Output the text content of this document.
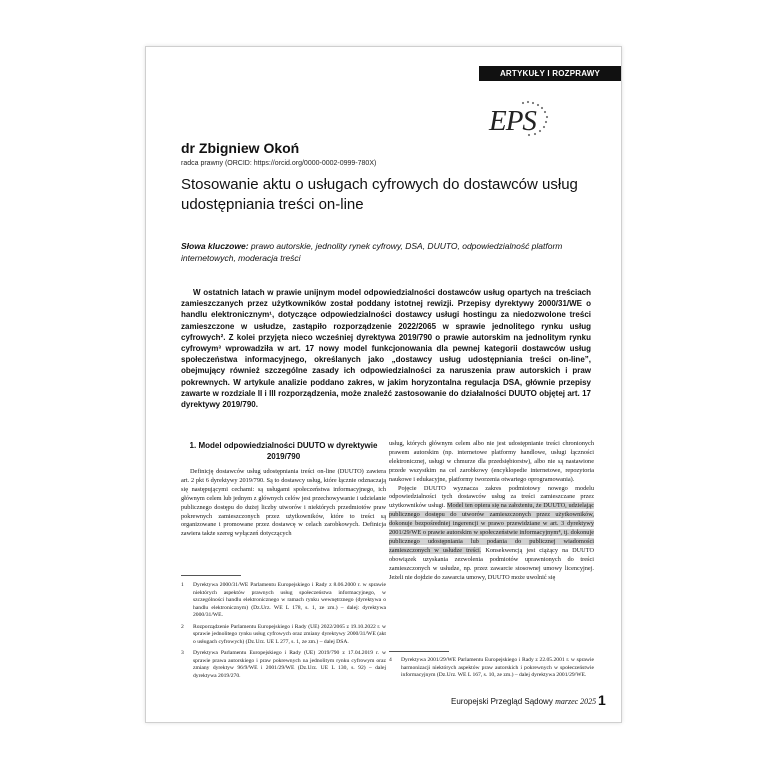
ARTYKUŁY I ROZPRAWY
EPS
dr Zbigniew Okoń
radca prawny (ORCID: https://orcid.org/0000-0002-0999-780X)
Stosowanie aktu o usługach cyfrowych do dostawców usług udostępniania treści on-line
Słowa kluczowe: prawo autorskie, jednolity rynek cyfrowy, DSA, DUUTO, odpowiedzialność platform internetowych, moderacja treści
W ostatnich latach w prawie unijnym model odpowiedzialności dostawców usług opartych na treściach zamieszczanych przez użytkowników został poddany istotnej rewizji. Przepisy dyrektywy 2000/31/WE o handlu elektronicznym¹, dotyczące odpowiedzialności dostawcy usługi hostingu za niedozwolone treści zamieszczone w usłudze, zastąpiło rozporządzenie 2022/2065 w sprawie jednolitego rynku usług cyfrowych². Z kolei przyjęta nieco wcześniej dyrektywa 2019/790 o prawie autorskim na jednolitym rynku cyfrowym³ wprowadziła w art. 17 nowy model funkcjonowania dla pewnej kategorii dostawców usług społeczeństwa informacyjnego, określanych jako „dostawcy usług udostępniania treści on-line”, obejmujący również szczególne zasady ich odpowiedzialności za naruszenia praw autorskich i praw pokrewnych. W artykule analizie poddano zakres, w jakim horyzontalna regulacja DSA, głównie przepisy zawarte w rozdziale II i III rozporządzenia, może znaleźć zastosowanie do działalności DUUTO objętej art. 17 dyrektywy 2019/790.
1. Model odpowiedzialności DUUTO w dyrektywie 2019/790

Definicję dostawców usług udostępniania treści on-line (DUUTO) zawiera art. 2 pkt 6 dyrektywy 2019/790. Są to dostawcy usług, które łącznie odznaczają się następującymi cechami: są usługami społeczeństwa informacyjnego, ich głównym celem lub jednym z głównych celów jest przechowywanie i udzielanie publicznego dostępu do dużej liczby utworów i niektórych przedmiotów praw pokrewnych zamieszczonych przez użytkowników, które to treści są organizowane i promowane przez dostawcę w celach zarobkowych. Definicja zawiera także szereg wyłączeń dotyczących

usług, których głównym celem albo nie jest udostępnianie treści chronionych prawem autorskim (np. internetowe platformy handlowe, usługi łączności elektronicznej, usługi w chmurze dla przedsiębiorstw), albo nie są nastawione przede wszystkim na cel zarobkowy (encyklopedie internetowe, repozytoria naukowe i edukacyjne, platformy tworzenia otwartego oprogramowania).

Pojęcie DUUTO wyznacza zakres podmiotowy nowego modelu odpowiedzialności tych dostawców usług za treści zamieszczane przez użytkowników usługi. Model ten opiera się na założeniu, że DUUTO, udzielając publicznego dostępu do utworów zamieszczonych przez użytkowników, dokonuje bezpośredniej ingerencji w prawo przewidziane w art. 3 dyrektywy 2001/29/WE o prawie autorskim w społeczeństwie informacyjnym⁴, tj. dokonuje publicznego udostępniania lub podania do publicznej wiadomości zamieszczonych w usłudze treści. Konsekwencją jest ciążący na DUUTO obowiązek uzyskania zezwolenia podmiotów uprawnionych do treści zamieszczonych w usłudze, np. przez zawarcie stosownej umowy licencyjnej. Jeżeli nie dojdzie do zawarcia umowy, DUUTO może uwolnić się

1	Dyrektywa 2000/31/WE Parlamentu Europejskiego i Rady z 8.06.2000 r. w sprawie niektórych aspektów prawnych usług społeczeństwa informacyjnego, w szczególności handlu elektronicznego w ramach rynku wewnętrznego (dyrektywa o handlu elektronicznym) (Dz.Urz. WE L 178, s. 1, ze zm.) – dalej: dyrektywa 2000/31/WE.
2	Rozporządzenie Parlamentu Europejskiego i Rady (UE) 2022/2065 z 19.10.2022 r. w sprawie jednolitego rynku usług cyfrowych oraz zmiany dyrektywy 2000/31/WE (akt o usługach cyfrowych) (Dz.Urz. UE L 277, s. 1, ze zm.) – dalej DSA.
3	Dyrektywa Parlamentu Europejskiego i Rady (UE) 2019/790 z 17.04.2019 r. w sprawie prawa autorskiego i praw pokrewnych na jednolitym rynku cyfrowym oraz zmiany dyrektyw 96/9/WE i 2001/29/WE (Dz.Urz. UE L 130, s. 92) – dalej dyrektywa 2019/270.
4	Dyrektywa 2001/29/WE Parlamentu Europejskiego i Rady z 22.05.2001 r. w sprawie harmonizacji niektórych aspektów praw autorskich i pokrewnych w społeczeństwie informacyjnym (Dz.Urz. WE L 167, s. 10, ze zm.) – dalej dyrektywa 2001/29/WE.
Europejski Przegląd Sądowy marzec 2025 1
